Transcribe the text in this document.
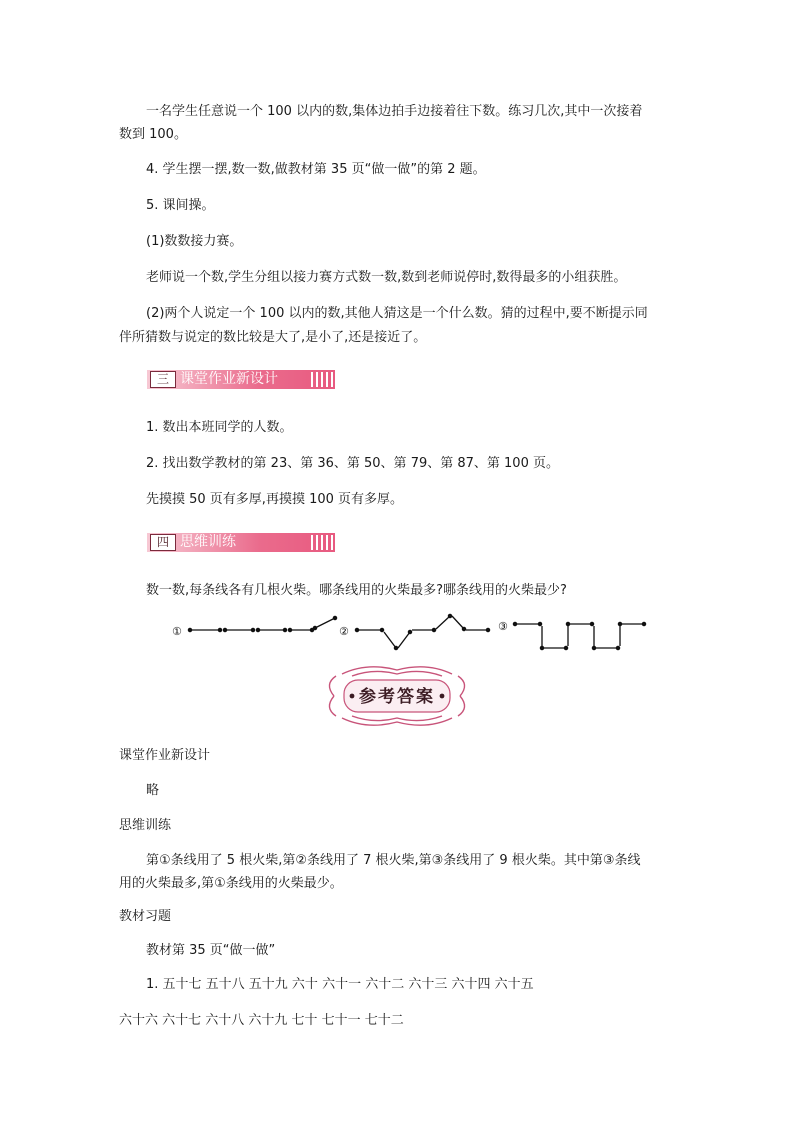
一名学生任意说一个 100 以内的数,集体边拍手边接着往下数。练习几次,其中一次接着
数到 100。
4. 学生摆一摆,数一数,做教材第 35 页“做一做”的第 2 题。
5. 课间操。
(1)数数接力赛。
老师说一个数,学生分组以接力赛方式数一数,数到老师说停时,数得最多的小组获胜。
(2)两个人说定一个 100 以内的数,其他人猜这是一个什么数。猜的过程中,要不断提示同
伴所猜数与说定的数比较是大了,是小了,还是接近了。
三 课堂作业新设计
1. 数出本班同学的人数。
2. 找出数学教材的第 23、第 36、第 50、第 79、第 87、第 100 页。
先摸摸 50 页有多厚,再摸摸 100 页有多厚。
四 思维训练
数一数,每条线各有几根火柴。哪条线用的火柴最多?哪条线用的火柴最少?
①	②	③
参考答案
课堂作业新设计
略
思维训练
第①条线用了 5 根火柴,第②条线用了 7 根火柴,第③条线用了 9 根火柴。其中第③条线
用的火柴最多,第①条线用的火柴最少。
教材习题
教材第 35 页“做一做”
1. 五十七 五十八 五十九 六十 六十一 六十二 六十三 六十四 六十五
六十六 六十七 六十八 六十九 七十 七十一 七十二
